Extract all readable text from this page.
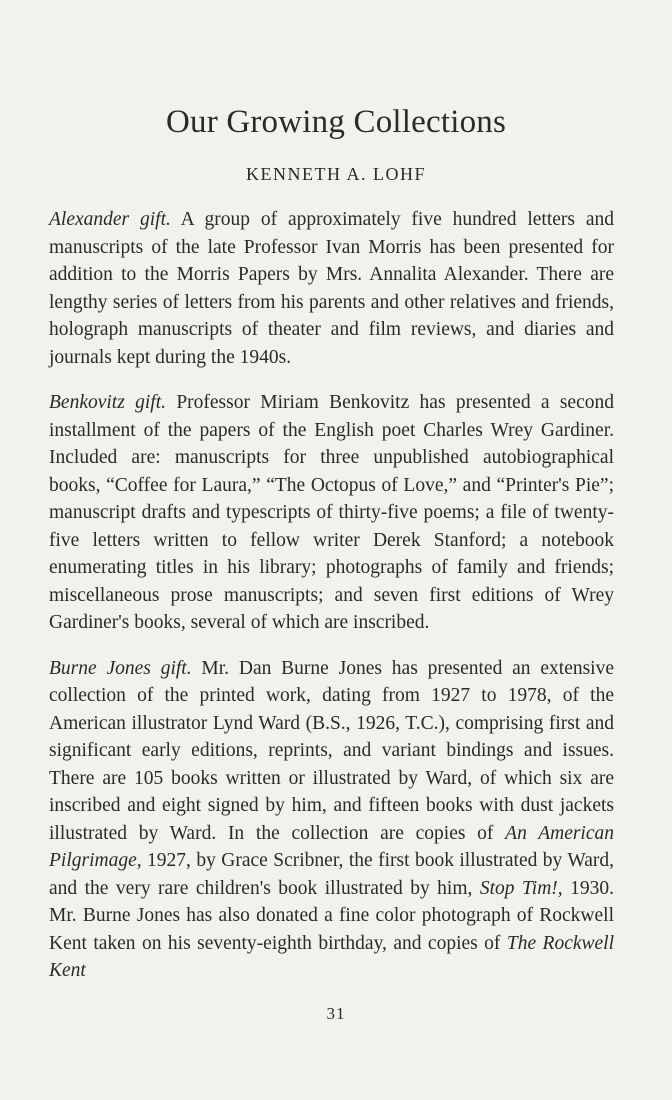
Our Growing Collections
KENNETH A. LOHF

Alexander gift. A group of approximately five hundred letters and manuscripts of the late Professor Ivan Morris has been presented for addition to the Morris Papers by Mrs. Annalita Alexander. There are lengthy series of letters from his parents and other relatives and friends, holograph manuscripts of theater and film reviews, and diaries and journals kept during the 1940s.

Benkovitz gift. Professor Miriam Benkovitz has presented a second installment of the papers of the English poet Charles Wrey Gardiner. Included are: manuscripts for three unpublished autobiographical books, “Coffee for Laura,” “The Octopus of Love,” and “Printer's Pie”; manuscript drafts and typescripts of thirty-five poems; a file of twenty-five letters written to fellow writer Derek Stanford; a notebook enumerating titles in his library; photographs of family and friends; miscellaneous prose manuscripts; and seven first editions of Wrey Gardiner's books, several of which are inscribed.

Burne Jones gift. Mr. Dan Burne Jones has presented an extensive collection of the printed work, dating from 1927 to 1978, of the American illustrator Lynd Ward (B.S., 1926, T.C.), comprising first and significant early editions, reprints, and variant bindings and issues. There are 105 books written or illustrated by Ward, of which six are inscribed and eight signed by him, and fifteen books with dust jackets illustrated by Ward. In the collection are copies of An American Pilgrimage, 1927, by Grace Scribner, the first book illustrated by Ward, and the very rare children's book illustrated by him, Stop Tim!, 1930. Mr. Burne Jones has also donated a fine color photograph of Rockwell Kent taken on his seventy-eighth birthday, and copies of The Rockwell Kent

31
